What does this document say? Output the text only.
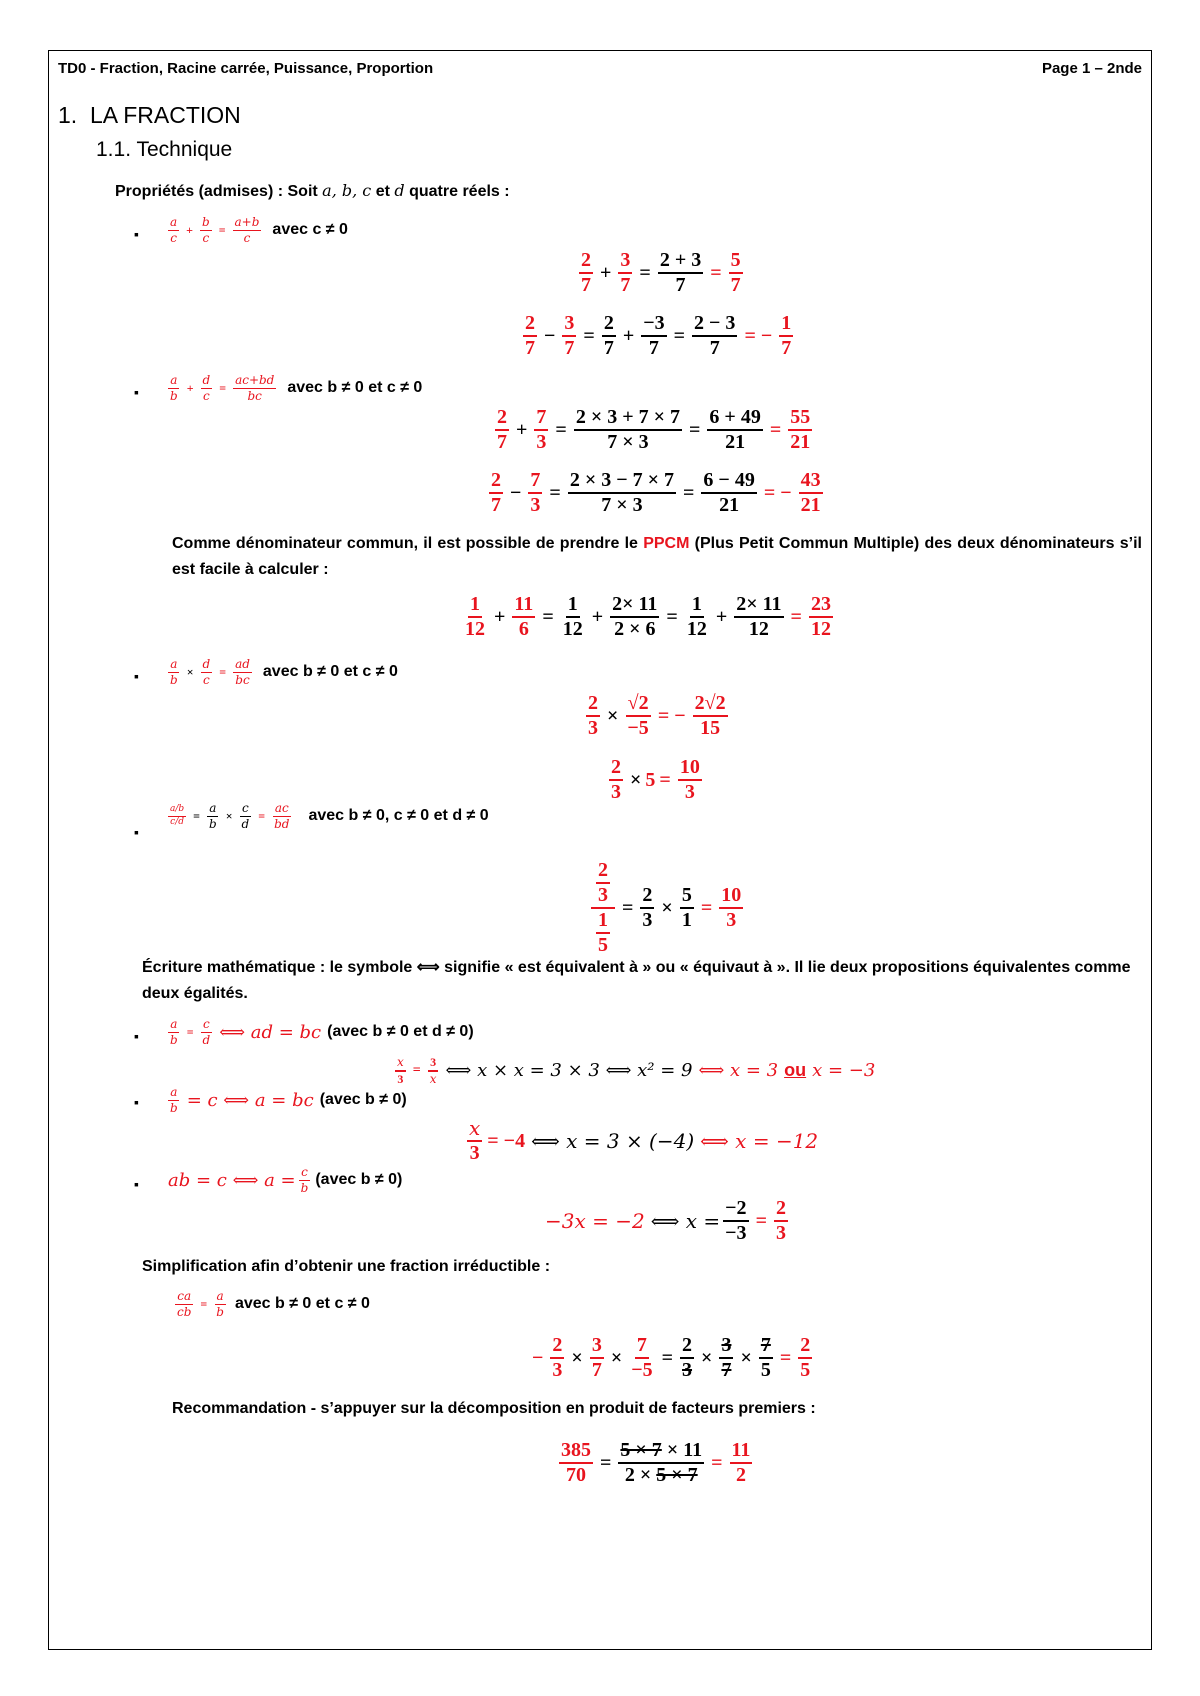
TD0 - Fraction, Racine carrée, Puissance, Proportion	Page 1 – 2nde
1. LA FRACTION
1.1. Technique
Propriétés (admises) : Soit a, b, c et d quatre réels :
▪
$\frac{a}{c} + \frac{b}{c} = \frac{a+b}{c}$ avec c ≠ 0
$\frac{2}{7} + \frac{3}{7} = \frac{2 + 3}{7} = \frac{5}{7}$
$\frac{2}{7} - \frac{3}{7} = \frac{2}{7} + \frac{-3}{7} = \frac{2 - 3}{7}$ = − $\frac{1}{7}$
▪
$\frac{a}{b} + \frac{d}{c} = \frac{ac+bd}{bc}$ avec b ≠ 0 et c ≠ 0
$\frac{2}{7} + \frac{7}{3} = \frac{2 \times 3 + 7 \times 7}{7 \times 3} = \frac{6 + 49}{21} = \frac{55}{21}$
$\frac{2}{7} - \frac{7}{3} = \frac{2 \times 3 - 7 \times 7}{7 \times 3} = \frac{6 - 49}{21}$ = − $\frac{43}{21}$
Comme dénominateur commun, il est possible de prendre le PPCM (Plus Petit Commun Multiple) des deux dénominateurs s’il est facile à calculer :
$\frac{1}{12} + \frac{11}{6} = \frac{1}{12} + \frac{2\times 11}{2 \times 6} = \frac{1}{12} + \frac{2\times 11}{12} = \frac{23}{12}$
▪
$\frac{a}{b} \times \frac{d}{c} = \frac{ad}{bc}$ avec b ≠ 0 et c ≠ 0
$\frac{2}{3} \times \frac{√2}{-5}$ = − $\frac{2√2}{15}$
$\frac{2}{3} \times 5 = \frac{10}{3}$
▪
$\frac{a/b}{c/d} = \frac{a}{b} \times \frac{c}{d} = \frac{ac}{bd}$ avec b ≠ 0, c ≠ 0 et d ≠ 0
$\frac{\frac{2}{3}}{\frac{1}{5}} = \frac{2}{3} \times \frac{5}{1} = \frac{10}{3}$
Écriture mathématique : le symbole ⟺ signifie « est équivalent à » ou « équivaut à ». Il lie deux propositions équivalentes comme deux égalités.
▪
$\frac{a}{b} = \frac{c}{d}$ ⟺ ad = bc (avec b ≠ 0 et d ≠ 0)
$\frac{x}{3} = \frac{3}{x}$ ⟺ x × x = 3 × 3 ⟺ x² = 9 ⟺ x = 3 ou x = −3
▪
$\frac{a}{b} = c$ ⟺ a = bc (avec b ≠ 0)
$\frac{x}{3} = -4$ ⟺ x = 3 × (−4) ⟺ x = −12
▪
ab = c ⟺ $a = \frac{c}{b}$ (avec b ≠ 0)
−3x = −2 ⟺ $x = \frac{-2}{-3} = \frac{2}{3}$
Simplification afin d’obtenir une fraction irréductible :
$\frac{ca}{cb} = \frac{a}{b}$ avec b ≠ 0 et c ≠ 0
− $\frac{2}{3} \times \frac{3}{7} \times \frac{7}{-5} = \frac{2}{3} \times \frac{3}{7} \times \frac{7}{5} = \frac{2}{5}$
Recommandation - s’appuyer sur la décomposition en produit de facteurs premiers :
$\frac{385}{70} = \frac{5 \times 7 \times 11}{2 \times 5 \times 7} = \frac{11}{2}$
